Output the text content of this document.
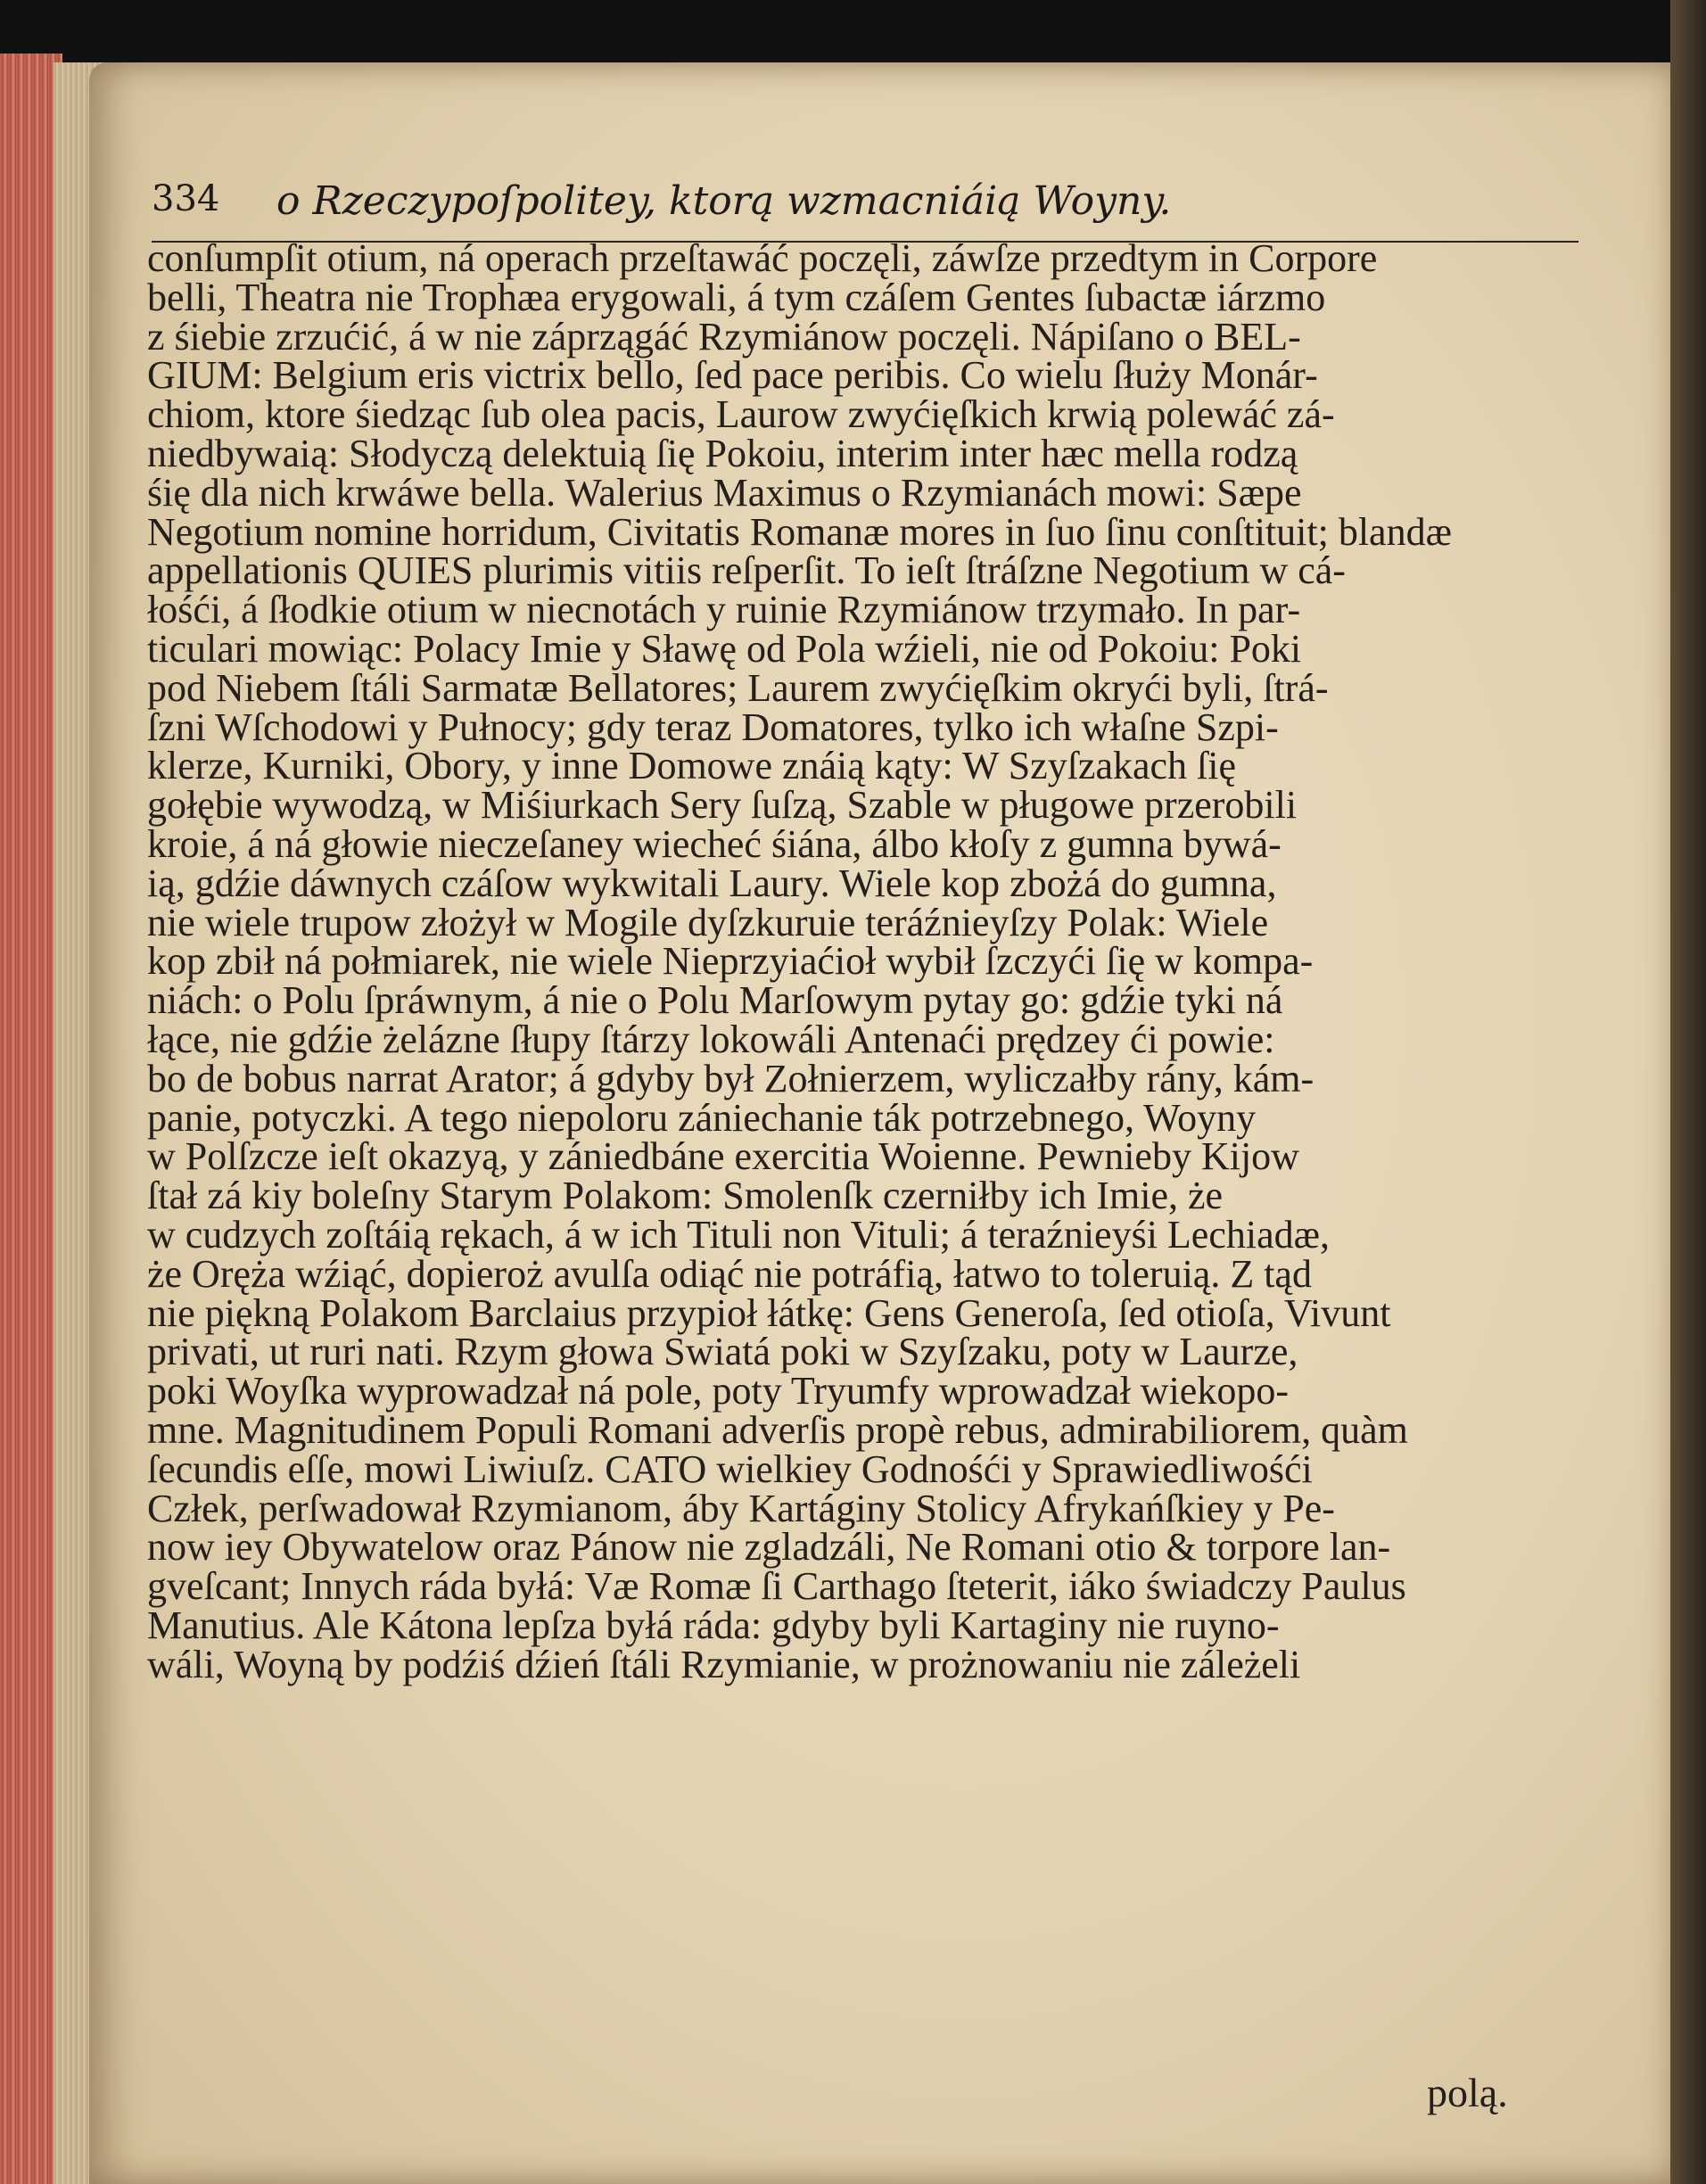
334 o Rzeczypoſpolitey, ktorą wzmacniáią Woyny.
conſumpſit otium, ná operach przeſtawáć poczęli, záwſze przedtym in Corpore
belli, Theatra nie Trophæa erygowali, á tym czáſem Gentes ſubactæ iárzmo
z śiebie zrzućić, á w nie záprzągáć Rzymiánow poczęli. Nápiſano o BEL-
GIUM: Belgium eris victrix bello, ſed pace peribis. Co wielu ſłużу Monár-
chiom, ktore śiedząc ſub olea pacis, Laurow zwyćięſkich krwią polewáć zá-
niedbywaią: Słodyczą delektuią ſię Pokoiu, interim inter hæc mella rodzą
śię dla nich krwáwe bella. Walerius Maximus o Rzymianách mowi: Sæpe
Negotium nomine horridum, Civitatis Romanæ mores in ſuo ſinu conſtituit; blandæ
appellationis QUIES plurimis vitiis reſperſit. To ieſt ſtráſzne Negotium w cá-
łośći, á ſłodkie otium w niecnotách y ruinie Rzymiánow trzymało. In par-
ticulari mowiąc: Polacy Imie y Sławę od Pola wźieli, nie od Pokoiu: Poki
pod Niebem ſtáli Sarmatæ Bellatores; Laurem zwyćięſkim okryći byli, ſtrá-
ſzni Wſchodowi y Pułnocy; gdy teraz Domatores, tylko ich właſne Szpi-
klerze, Kurniki, Obory, y inne Domowe znáią kąty: W Szyſzakach ſię
gołębie wywodzą, w Miśiurkach Sery ſuſzą, Szable w pługowe przerobili
kroie, á ná głowie nieczeſaney wiecheć śiána, álbo kłoſy z gumna bywá-
ią, gdźie dáwnych czáſow wykwitali Laury. Wiele kop zbożá do gumna,
nie wiele trupow złożył w Mogile dyſzkuruie teráźnieyſzy Polak: Wiele
kop zbił ná połmiarek, nie wiele Nieprzyiaćioł wybił ſzczyći ſię w kompa-
niách: o Polu ſpráwnym, á nie o Polu Marſowym pytay go: gdźie tyki ná
łące, nie gdźie żelázne ſłupy ſtárzy lokowáli Antenaći prędzey ći powie:
bo de bobus narrat Arator; á gdyby był Zołnierzem, wyliczałby rány, kám-
panie, potyczki. A tego niepoloru zániechanie ták potrzebnego, Woyny
w Polſzcze ieſt okazyą, y zániedbáne exercitia Woienne. Pewnieby Kijow
ſtał zá kiy boleſny Starym Polakom: Smolenſk czerniłby ich Imie, że
w cudzych zoſtáią rękach, á w ich Tituli non Vituli; á teraźnieyśi Lechiadæ,
że Oręża wźiąć, dopieroż avulſa odiąć nie potráfią, łatwo to toleruią. Z tąd
nie piękną Polakom Barclaius przypioł łátkę: Gens Generoſa, ſed otioſa, Vivunt
privati, ut ruri nati. Rzym głowa Swiatá poki w Szyſzaku, poty w Laurze,
poki Woyſka wyprowadzał ná pole, poty Tryumfy wprowadzał wiekopo-
mne. Magnitudinem Populi Romani adverſis propè rebus, admirabiliorem, quàm
ſecundis eſſe, mowi Liwiuſz. CATO wielkiey Godnośći y Sprawiedliwośći
Człek, perſwadował Rzymianom, áby Kartáginy Stolicy Afrykańſkiey y Pe-
now iey Obywatelow oraz Pánow nie zgladzáli, Ne Romani otio & torpore lan-
gveſcant; Innych ráda byłá: Væ Romæ ſi Carthago ſteterit, iáko świadczy Paulus
Manutius. Ale Kátona lepſza byłá ráda: gdyby byli Kartaginy nie ruyno-
wáli, Woyną by podźiś dźień ſtáli Rzymianie, w prożnowaniu nie záleżeli
polą.
